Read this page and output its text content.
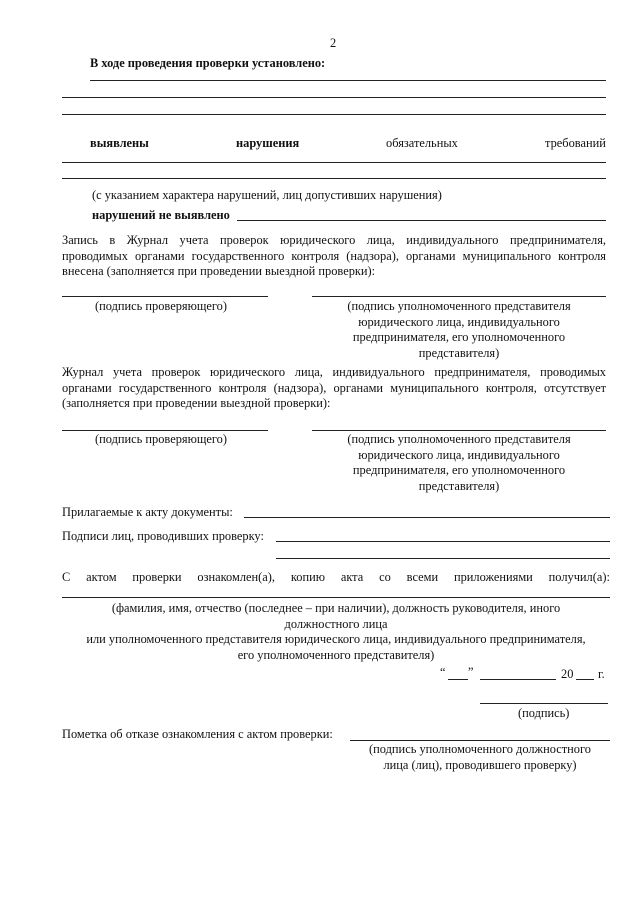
2
В ходе проведения проверки установлено:
выявлены	нарушения	обязательных	требований
(с указанием характера нарушений, лиц допустивших нарушения)
нарушений не выявлено
Запись в Журнал учета проверок юридического лица, индивидуального предпринимателя,
проводимых органами государственного контроля (надзора), органами муниципального контроля
внесена (заполняется при проведении выездной проверки):
(подпись проверяющего)	(подпись уполномоченного представителя
юридического лица, индивидуального
предпринимателя, его уполномоченного
представителя)
Журнал учета проверок юридического лица, индивидуального предпринимателя, проводимых
органами государственного контроля (надзора), органами муниципального контроля, отсутствует
(заполняется при проведении выездной проверки):
(подпись проверяющего)	(подпись уполномоченного представителя
юридического лица, индивидуального
предпринимателя, его уполномоченного
представителя)
Прилагаемые к акту документы:
Подписи лиц, проводивших проверку:
С актом проверки ознакомлен(а), копию акта со всеми приложениями получил(а):
(фамилия, имя, отчество (последнее – при наличии), должность руководителя, иного
должностного лица
или уполномоченного представителя юридического лица, индивидуального предпринимателя,
его уполномоченного представителя)
“ ”	20 г.
(подпись)
Пометка об отказе ознакомления с актом проверки:
(подпись уполномоченного должностного
лица (лиц), проводившего проверку)
